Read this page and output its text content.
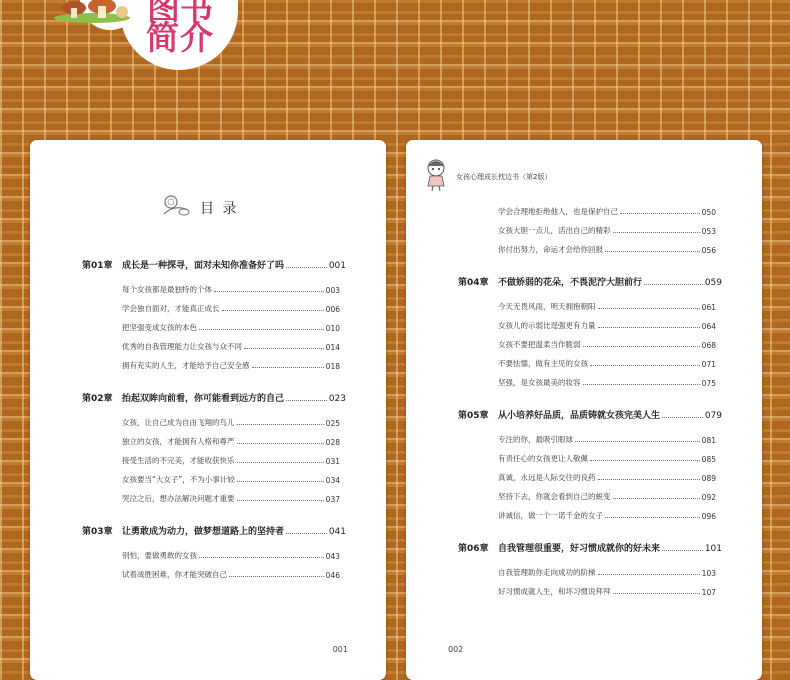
简介
目 录
第01章 成长是一种探寻，面对未知你准备好了吗	001
每个女孩都是最独特的个体	003
学会独自面对，才能真正成长	006
把坚强变成女孩的本色	010
优秀的自我管理能力让女孩与众不同	014
拥有充实的人生，才能给予自己安全感	018
第02章 抬起双眸向前看，你可能看到远方的自己	023
女孩，让自己成为自由飞翔的鸟儿	025
独立的女孩，才能拥有人格和尊严	028
接受生活的不完美，才能收获快乐	031
女孩要当“大女子”，不为小事计较	034
哭泣之后，想办法解决问题才重要	037
第03章 让勇敢成为动力，做梦想道路上的坚持者	041
别怕，要做勇敢的女孩	043
试着战胜困难，你才能突破自己	046
001
女孩心理成长枕边书（第2版）
学会合理地拒绝他人，也是保护自己	050
女孩大胆一点儿，活出自己的精彩	053
你付出努力，命运才会给你回报	056
第04章 不做娇弱的花朵，不畏泥泞大胆前行	059
今天无畏风雨，明天拥抱朝阳	061
女孩儿的示弱比逞强更有力量	064
女孩不要把温柔当作脆弱	068
不要怯懦，做有主见的女孩	071
坚强，是女孩最美的妆容	075
第05章 从小培养好品质，品质铸就女孩完美人生	079
专注的你，最吸引眼球	081
有责任心的女孩更让人敬佩	085
真诚，永远是人际交往的良药	089
坚持下去，你就会看到自己的蜕变	092
讲诚信，做一个一诺千金的女子	096
第06章 自我管理很重要，好习惯成就你的好未来	101
自我管理助你走向成功的阶梯	103
好习惯成就人生，和坏习惯说拜拜	107
002
